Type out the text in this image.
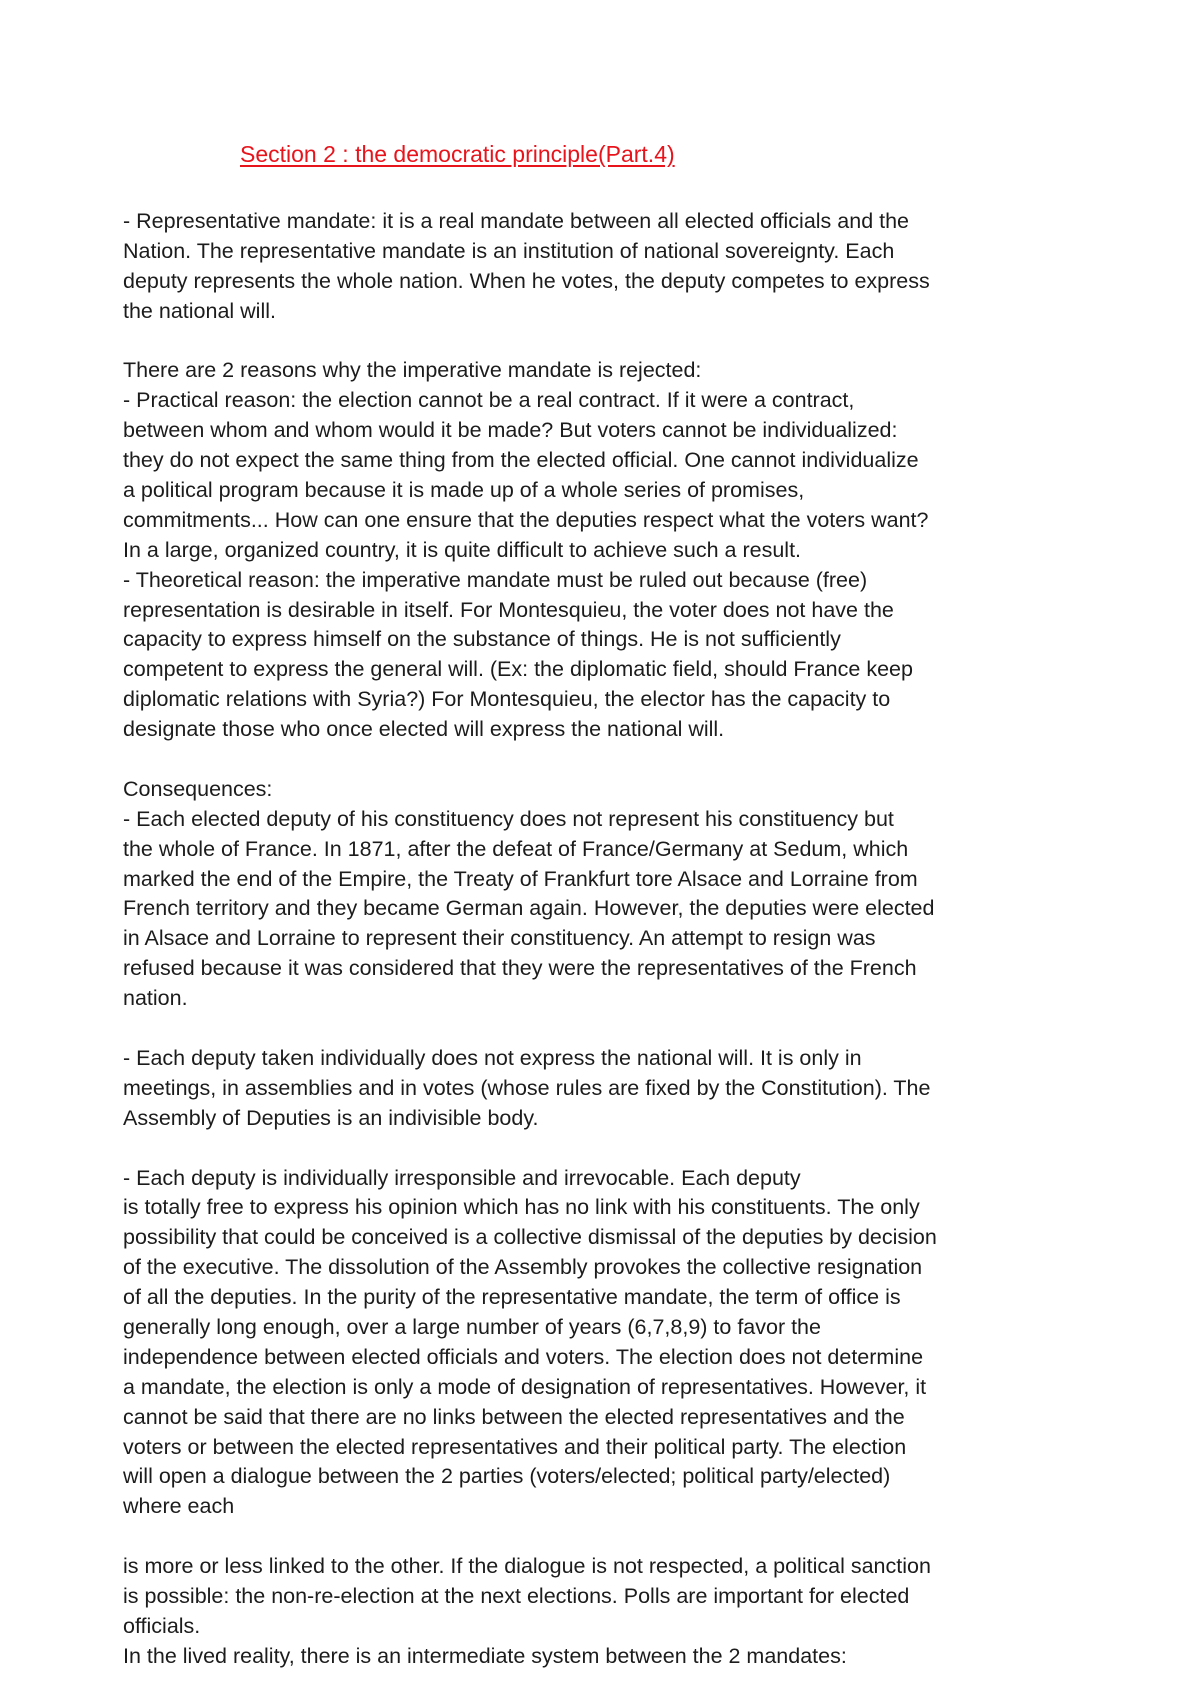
Section 2 : the democratic principle(Part.4)
- Representative mandate: it is a real mandate between all elected officials and the
Nation. The representative mandate is an institution of national sovereignty. Each
deputy represents the whole nation. When he votes, the deputy competes to express
the national will.
There are 2 reasons why the imperative mandate is rejected:
- Practical reason: the election cannot be a real contract. If it were a contract,
between whom and whom would it be made? But voters cannot be individualized:
they do not expect the same thing from the elected official. One cannot individualize
a political program because it is made up of a whole series of promises,
commitments... How can one ensure that the deputies respect what the voters want?
In a large, organized country, it is quite difficult to achieve such a result.
- Theoretical reason: the imperative mandate must be ruled out because (free)
representation is desirable in itself. For Montesquieu, the voter does not have the
capacity to express himself on the substance of things. He is not sufficiently
competent to express the general will. (Ex: the diplomatic field, should France keep
diplomatic relations with Syria?) For Montesquieu, the elector has the capacity to
designate those who once elected will express the national will.
Consequences:
- Each elected deputy of his constituency does not represent his constituency but
the whole of France. In 1871, after the defeat of France/Germany at Sedum, which
marked the end of the Empire, the Treaty of Frankfurt tore Alsace and Lorraine from
French territory and they became German again. However, the deputies were elected
in Alsace and Lorraine to represent their constituency. An attempt to resign was
refused because it was considered that they were the representatives of the French
nation.
- Each deputy taken individually does not express the national will. It is only in
meetings, in assemblies and in votes (whose rules are fixed by the Constitution). The
Assembly of Deputies is an indivisible body.
- Each deputy is individually irresponsible and irrevocable. Each deputy
is totally free to express his opinion which has no link with his constituents. The only
possibility that could be conceived is a collective dismissal of the deputies by decision
of the executive. The dissolution of the Assembly provokes the collective resignation
of all the deputies. In the purity of the representative mandate, the term of office is
generally long enough, over a large number of years (6,7,8,9) to favor the
independence between elected officials and voters. The election does not determine
a mandate, the election is only a mode of designation of representatives. However, it
cannot be said that there are no links between the elected representatives and the
voters or between the elected representatives and their political party. The election
will open a dialogue between the 2 parties (voters/elected; political party/elected)
where each
is more or less linked to the other. If the dialogue is not respected, a political sanction
is possible: the non-re-election at the next elections. Polls are important for elected
officials.
In the lived reality, there is an intermediate system between the 2 mandates:
